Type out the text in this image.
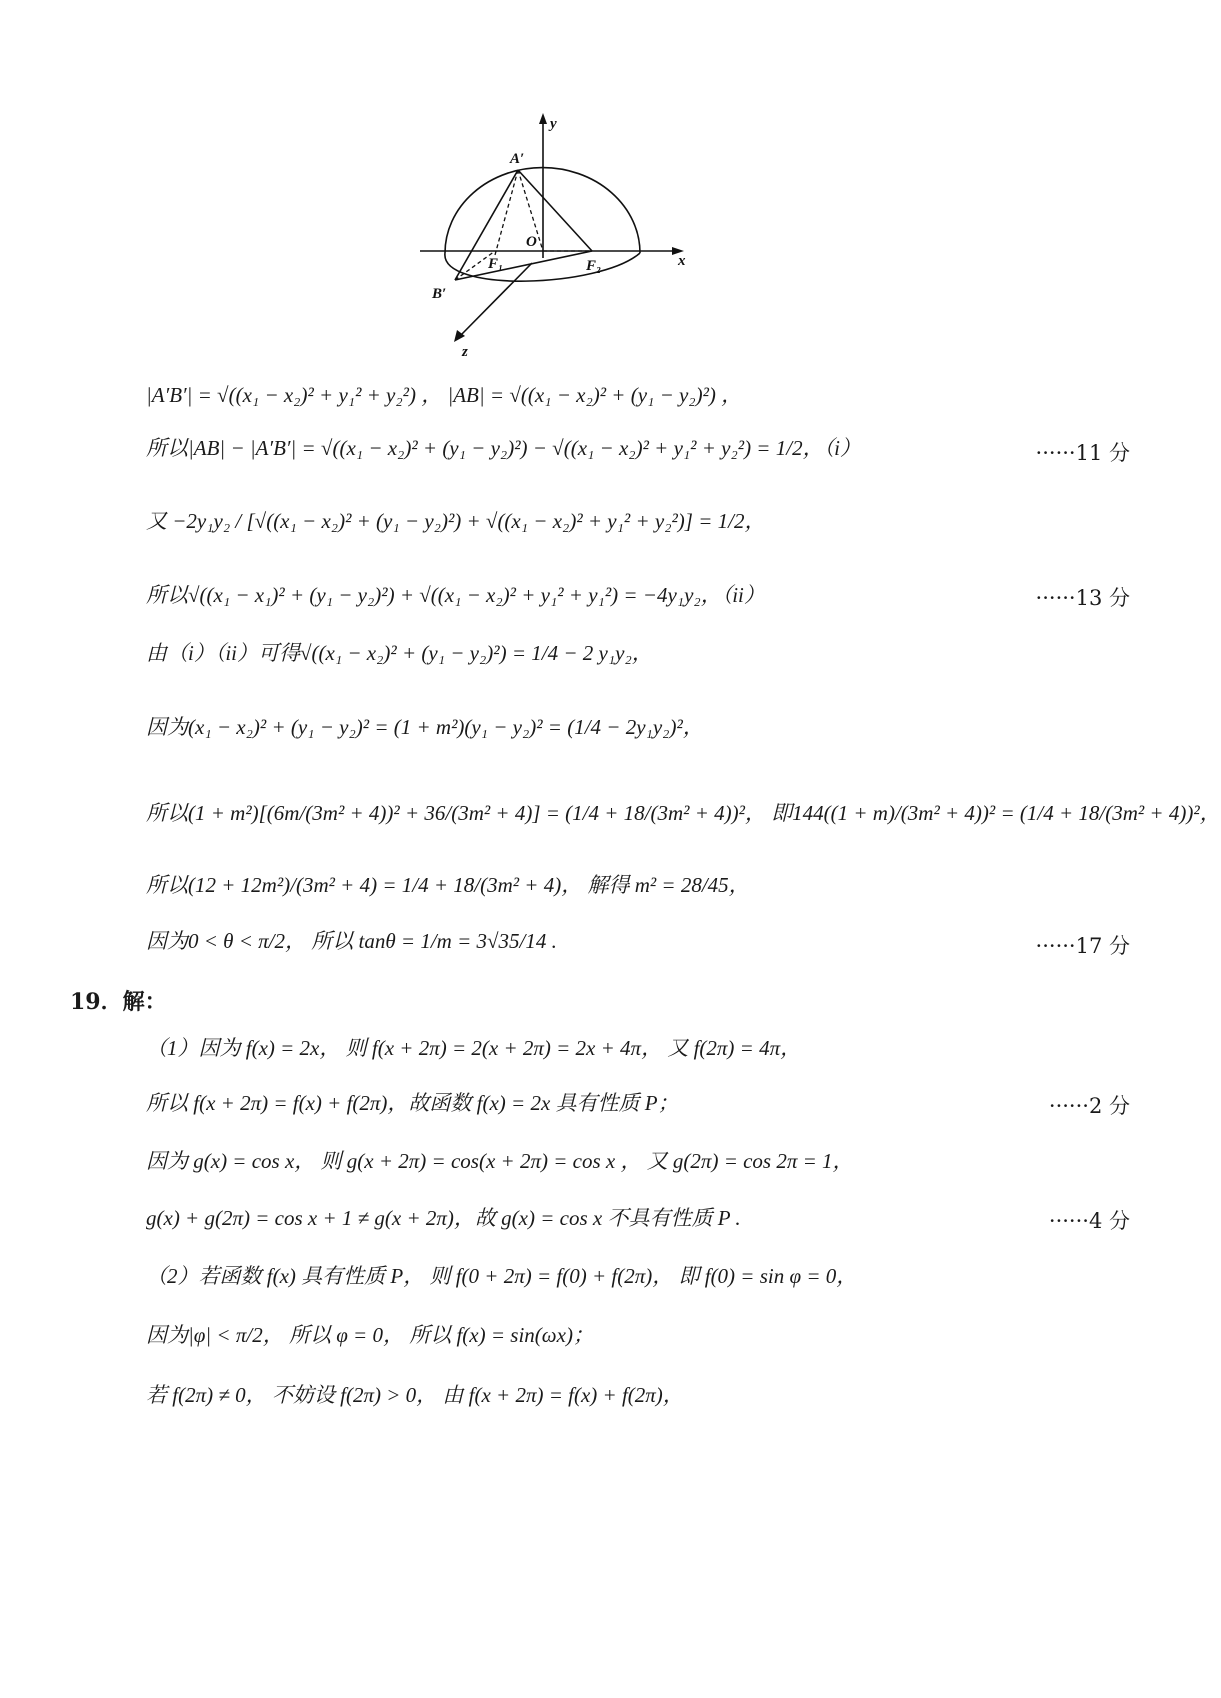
y
A′
O
F₁	F₂	x
B′
z
|A′B′| = √((x₁ − x₂)² + y₁² + y₂²) ， |AB| = √((x₁ − x₂)² + (y₁ − y₂)²) ，
所以|AB| − |A′B′| = √((x₁ − x₂)² + (y₁ − y₂)²) − √((x₁ − x₂)² + y₁² + y₂²) = 1/2，（i）	······11 分
又 −2y₁y₂ / [√((x₁ − x₂)² + (y₁ − y₂)²) + √((x₁ − x₂)² + y₁² + y₂²)] = 1/2，
所以√((x₁ − x₁)² + (y₁ − y₂)²) + √((x₁ − x₂)² + y₁² + y₁²) = −4y₁y₂，（ii）	······13 分
由（i）（ii）可得√((x₁ − x₂)² + (y₁ − y₂)²) = 1/4 − 2 y₁y₂，
因为(x₁ − x₂)² + (y₁ − y₂)² = (1 + m²)(y₁ − y₂)² = (1/4 − 2y₁y₂)²，
所以(1 + m²)[(6m/(3m² + 4))² + 36/(3m² + 4)] = (1/4 + 18/(3m² + 4))²， 即144((1 + m)/(3m² + 4))² = (1/4 + 18/(3m² + 4))²，
所以(12 + 12m²)/(3m² + 4) = 1/4 + 18/(3m² + 4)， 解得 m² = 28/45，
因为0 < θ < π/2， 所以 tanθ = 1/m = 3√35/14 .	······17 分
19．解：
（1）因为 f(x) = 2x， 则 f(x + 2π) = 2(x + 2π) = 2x + 4π， 又 f(2π) = 4π，
所以 f(x + 2π) = f(x) + f(2π)，故函数 f(x) = 2x 具有性质 P；	······2 分
因为 g(x) = cos x， 则 g(x + 2π) = cos(x + 2π) = cos x ， 又 g(2π) = cos 2π = 1，
g(x) + g(2π) = cos x + 1 ≠ g(x + 2π)，故 g(x) = cos x 不具有性质 P .	······4 分
（2）若函数 f(x) 具有性质 P， 则 f(0 + 2π) = f(0) + f(2π)， 即 f(0) = sin φ = 0，
因为|φ| < π/2， 所以 φ = 0， 所以 f(x) = sin(ωx)；
若 f(2π) ≠ 0， 不妨设 f(2π) > 0， 由 f(x + 2π) = f(x) + f(2π)，
